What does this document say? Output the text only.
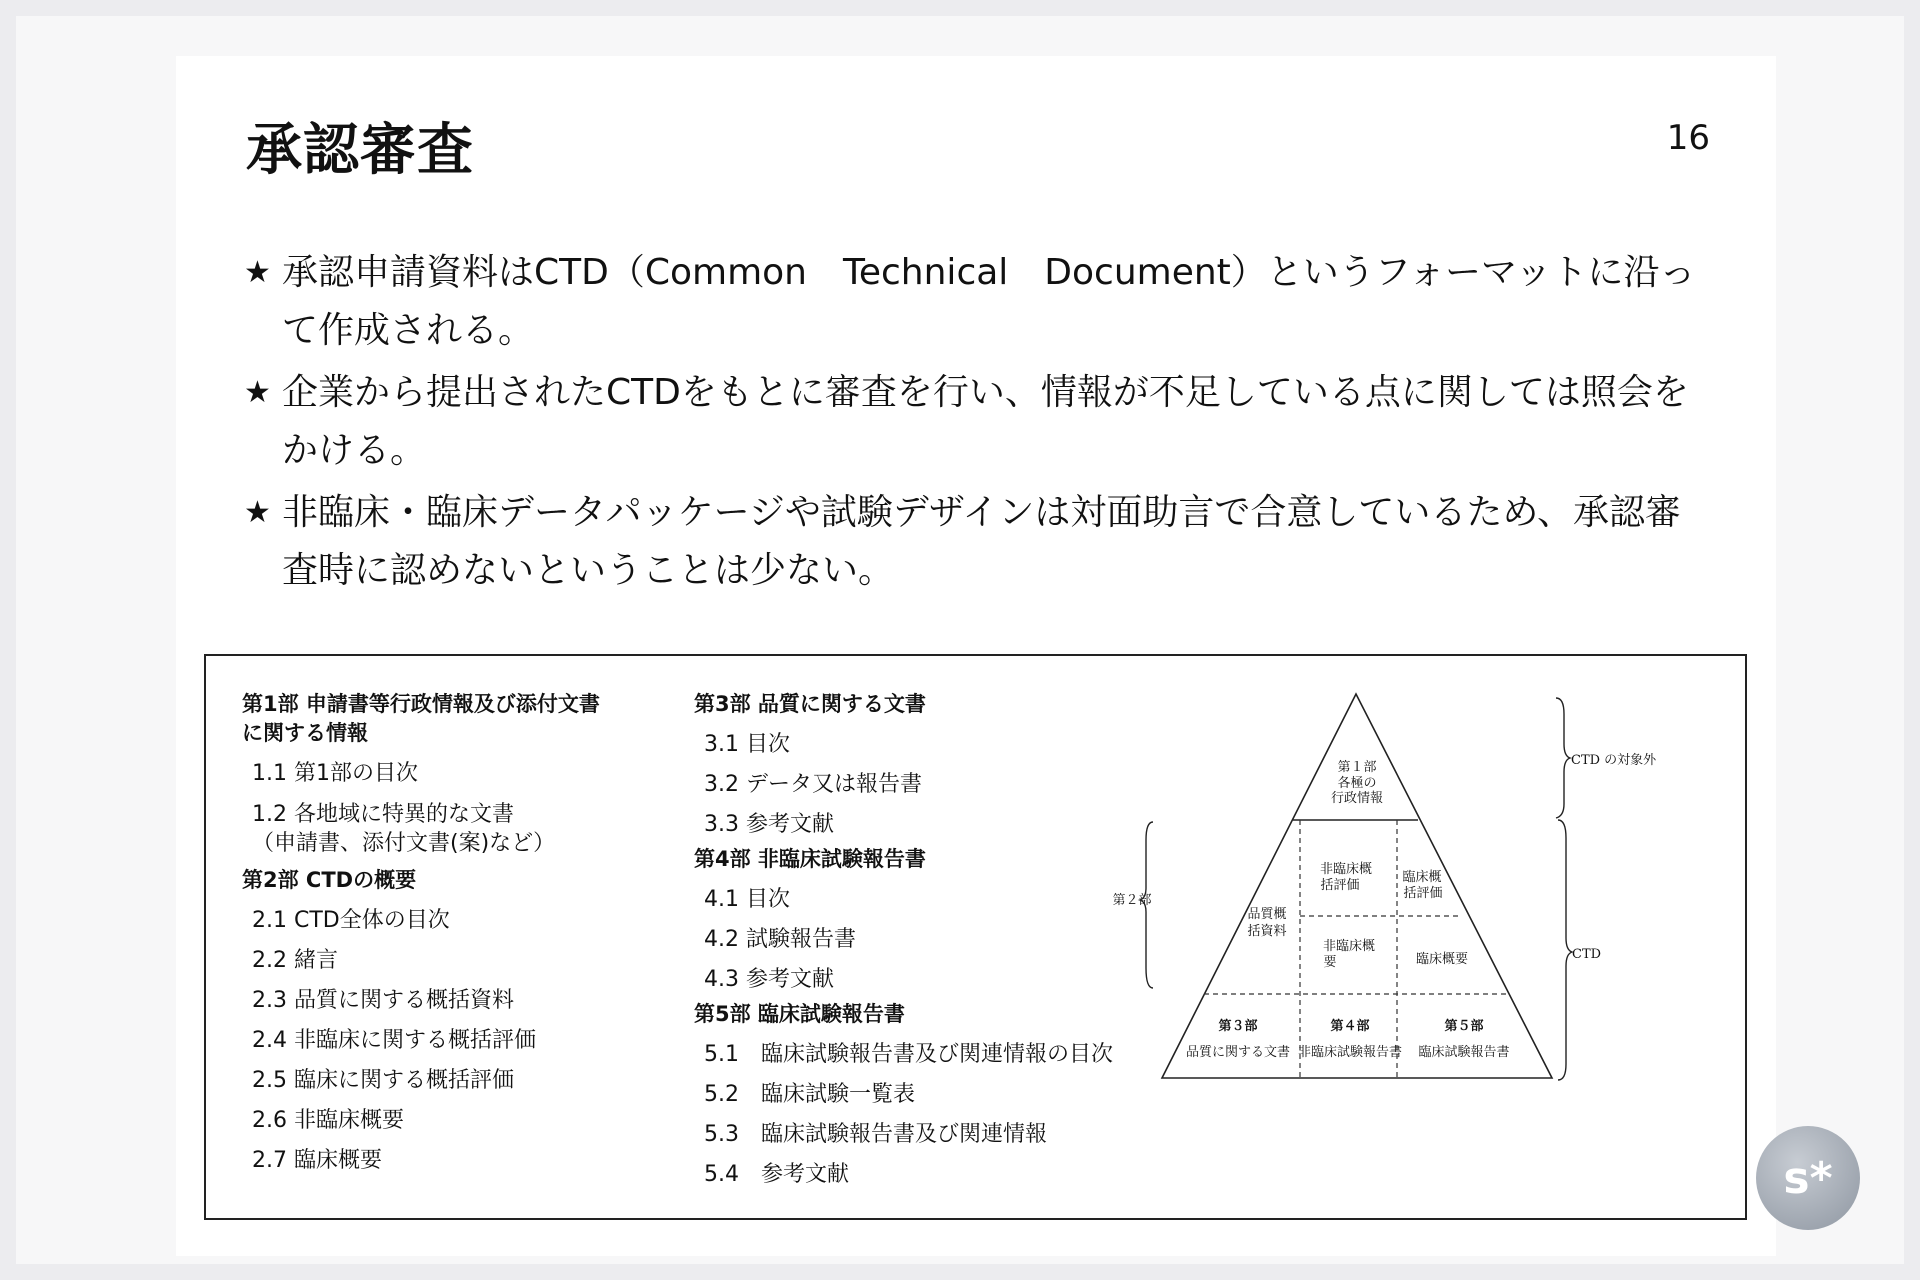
承認審査	16
★ 承認申請資料はCTD（Common　Technical　Document）というフォーマットに沿って作成される。
★ 企業から提出されたCTDをもとに審査を行い、情報が不足している点に関しては照会をかける。
★ 非臨床・臨床データパッケージや試験デザインは対面助言で合意しているため、承認審査時に認めないということは少ない。
第1部 申請書等行政情報及び添付文書
に関する情報
1.1 第1部の目次
1.2 各地域に特異的な文書
（申請書、添付文書(案)など）
第2部 CTDの概要
2.1 CTD全体の目次
2.2 緒言
2.3 品質に関する概括資料
2.4 非臨床に関する概括評価
2.5 臨床に関する概括評価
2.6 非臨床概要
2.7 臨床概要
第3部 品質に関する文書
3.1 目次
3.2 データ又は報告書
3.3 参考文献
第4部 非臨床試験報告書
4.1 目次
4.2 試験報告書
4.3 参考文献
第5部 臨床試験報告書
5.1　臨床試験報告書及び関連情報の目次
5.2　臨床試験一覧表
5.3　臨床試験報告書及び関連情報
5.4　参考文献
第１部
各極の
行政情報
非臨床概
括評価
臨床概
括評価
品質概
括資料
非臨床概
要	臨床概要
第３部
品質に関する文書
第４部
非臨床試験報告書
第５部
臨床試験報告書
第２部
CTD の対象外
CTD
s*
